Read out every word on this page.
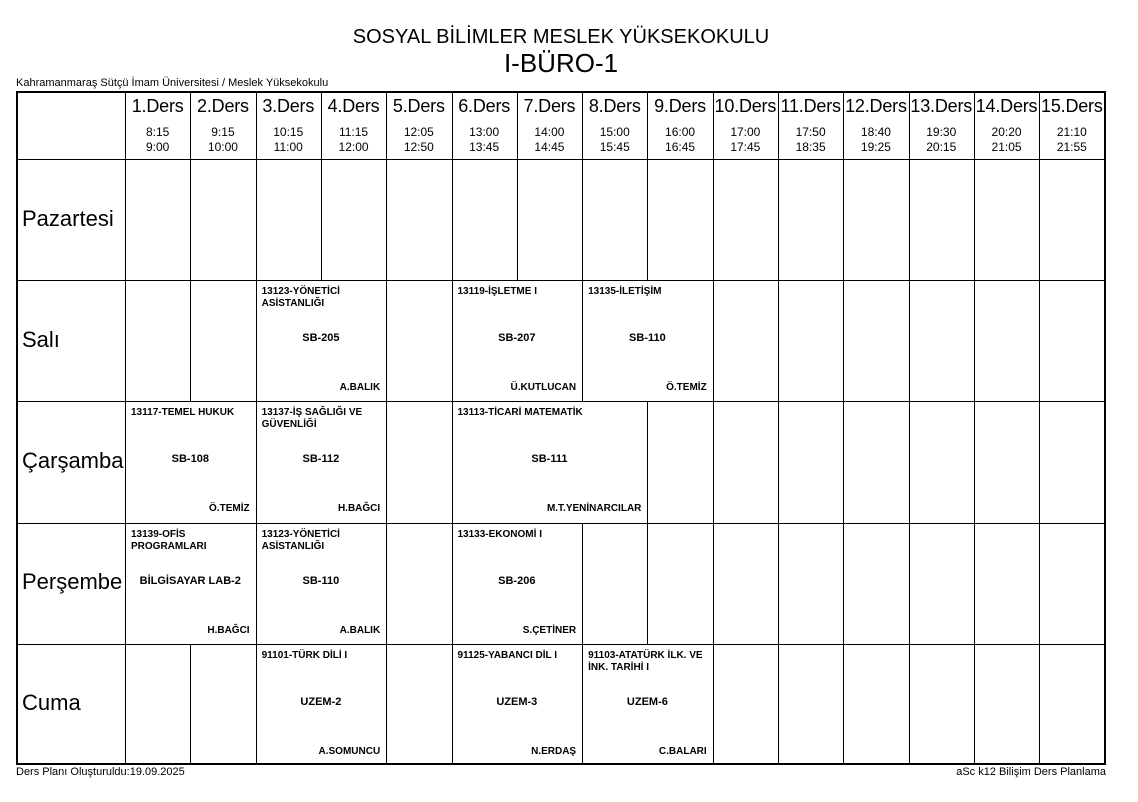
SOSYAL BİLİMLER MESLEK YÜKSEKOKULU
I-BÜRO-1
Kahramanmaraş Sütçü İmam Üniversitesi / Meslek Yüksekokulu
1.Ders
8:15
9:00
2.Ders
9:15
10:00
3.Ders
10:15
11:00
4.Ders
11:15
12:00
5.Ders
12:05
12:50
6.Ders
13:00
13:45
7.Ders
14:00
14:45
8.Ders
15:00
15:45
9.Ders
16:00
16:45
10.Ders
17:00
17:45
11.Ders
17:50
18:35
12.Ders
18:40
19:25
13.Ders
19:30
20:15
14.Ders
20:20
21:05
15.Ders
21:10
21:55
Pazartesi
Salı
Çarşamba
Perşembe
Cuma
13123-YÖNETİCİ ASİSTANLIĞI
SB-205
A.BALIK
13119-İŞLETME I
SB-207
Ü.KUTLUCAN
13135-İLETİŞİM
SB-110
Ö.TEMİZ
13117-TEMEL HUKUK
SB-108
Ö.TEMİZ
13137-İŞ SAĞLIĞI VE GÜVENLİĞİ
SB-112
H.BAĞCI
13113-TİCARİ MATEMATİK
SB-111
M.T.YENİNARCILAR
13139-OFİS PROGRAMLARI
BİLGİSAYAR LAB-2
H.BAĞCI
13123-YÖNETİCİ ASİSTANLIĞI
SB-110
A.BALIK
13133-EKONOMİ I
SB-206
S.ÇETİNER
91101-TÜRK DİLİ I
UZEM-2
A.SOMUNCU
91125-YABANCI DİL I
UZEM-3
N.ERDAŞ
91103-ATATÜRK İLK. VE İNK. TARİHİ I
UZEM-6
C.BALARI
Ders Planı Oluşturuldu:19.09.2025	aSc k12 Bilişim Ders Planlama
